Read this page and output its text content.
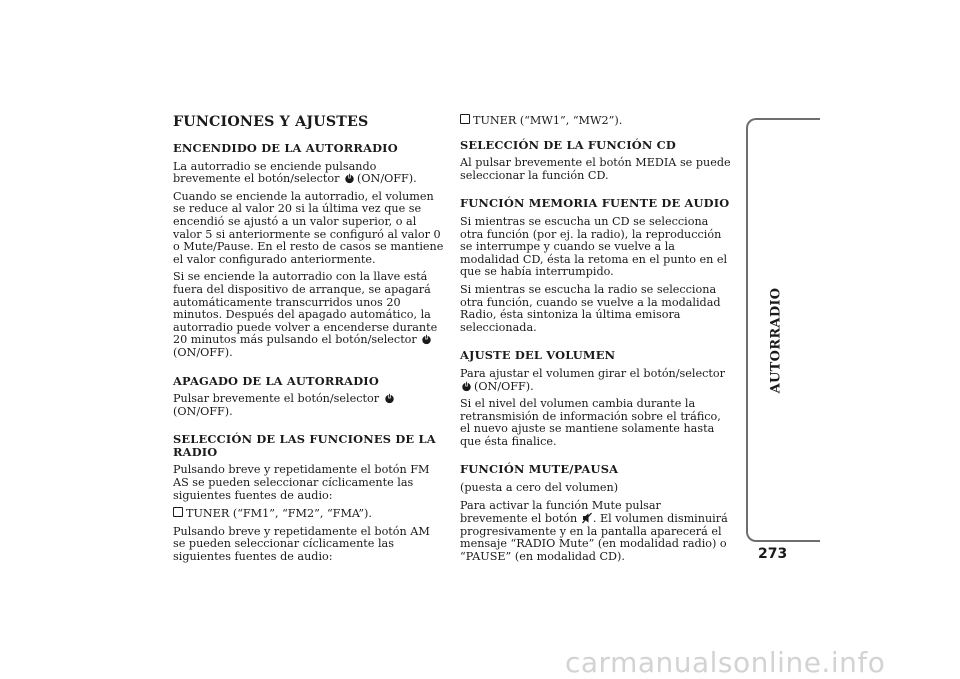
FUNCIONES Y AJUSTES
ENCENDIDO DE LA AUTORRADIO
La autorradio se enciende pulsando brevemente el botón/selector (ON/OFF).
Cuando se enciende la autorradio, el volumen se reduce al valor 20 si la última vez que se encendió se ajustó a un valor superior, o al valor 5 si anteriormente se configuró al valor 0 o Mute/Pause. En el resto de casos se mantiene el valor configurado anteriormente.
Si se enciende la autorradio con la llave está fuera del dispositivo de arranque, se apagará automáticamente transcurridos unos 20 minutos. Después del apagado automático, la autorradio puede volver a encenderse durante 20 minutos más pulsando el botón/selector (ON/OFF).
APAGADO DE LA AUTORRADIO
Pulsar brevemente el botón/selector (ON/OFF).
SELECCIÓN DE LAS FUNCIONES DE LA RADIO
Pulsando breve y repetidamente el botón FM AS se pueden seleccionar cíclicamente las siguientes fuentes de audio:
TUNER (“FM1”, “FM2”, “FMA”).
Pulsando breve y repetidamente el botón AM se pueden seleccionar cíclicamente las siguientes fuentes de audio:
TUNER (“MW1”, “MW2”).
SELECCIÓN DE LA FUNCIÓN CD
Al pulsar brevemente el botón MEDIA se puede seleccionar la función CD.
FUNCIÓN MEMORIA FUENTE DE AUDIO
Si mientras se escucha un CD se selecciona otra función (por ej. la radio), la reproducción se interrumpe y cuando se vuelve a la modalidad CD, ésta la retoma en el punto en el que se había interrumpido.
Si mientras se escucha la radio se selecciona otra función, cuando se vuelve a la modalidad Radio, ésta sintoniza la última emisora seleccionada.
AJUSTE DEL VOLUMEN
Para ajustar el volumen girar el botón/selector (ON/OFF).
Si el nivel del volumen cambia durante la retransmisión de información sobre el tráfico, el nuevo ajuste se mantiene solamente hasta que ésta finalice.
FUNCIÓN MUTE/PAUSA
(puesta a cero del volumen)
Para activar la función Mute pulsar brevemente el botón . El volumen disminuirá progresivamente y en la pantalla aparecerá el mensaje “RADIO Mute” (en modalidad radio) o “PAUSE” (en modalidad CD).
AUTORRADIO
273
carmanualsonline.info
